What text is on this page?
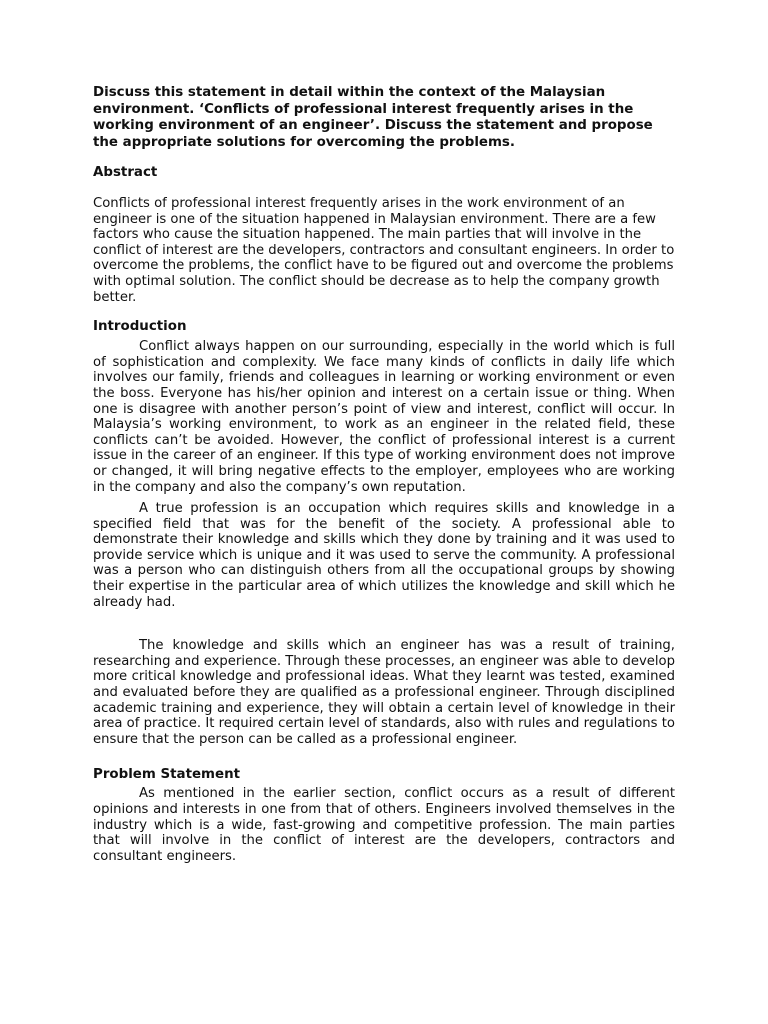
Discuss this statement in detail within the context of the Malaysian environment. ‘Conflicts of professional interest frequently arises in the working environment of an engineer’. Discuss the statement and propose the appropriate solutions for overcoming the problems.

Abstract

Conflicts of professional interest frequently arises in the work environment of an engineer is one of the situation happened in Malaysian environment. There are a few factors who cause the situation happened. The main parties that will involve in the conflict of interest are the developers, contractors and consultant engineers. In order to overcome the problems, the conflict have to be figured out and overcome the problems with optimal solution. The conflict should be decrease as to help the company growth better.

Introduction

Conflict always happen on our surrounding, especially in the world which is full of sophistication and complexity. We face many kinds of conflicts in daily life which involves our family, friends and colleagues in learning or working environment or even the boss. Everyone has his/her opinion and interest on a certain issue or thing. When one is disagree with another person’s point of view and interest, conflict will occur. In Malaysia’s working environment, to work as an engineer in the related field, these conflicts can’t be avoided. However, the conflict of professional interest is a current issue in the career of an engineer. If this type of working environment does not improve or changed, it will bring negative effects to the employer, employees who are working in the company and also the company’s own reputation.

A true profession is an occupation which requires skills and knowledge in a specified field that was for the benefit of the society. A professional able to demonstrate their knowledge and skills which they done by training and it was used to provide service which is unique and it was used to serve the community. A professional was a person who can distinguish others from all the occupational groups by showing their expertise in the particular area of which utilizes the knowledge and skill which he already had.

The knowledge and skills which an engineer has was a result of training, researching and experience. Through these processes, an engineer was able to develop more critical knowledge and professional ideas. What they learnt was tested, examined and evaluated before they are qualified as a professional engineer. Through disciplined academic training and experience, they will obtain a certain level of knowledge in their area of practice. It required certain level of standards, also with rules and regulations to ensure that the person can be called as a professional engineer.

Problem Statement

As mentioned in the earlier section, conflict occurs as a result of different opinions and interests in one from that of others. Engineers involved themselves in the industry which is a wide, fast-growing and competitive profession. The main parties that will involve in the conflict of interest are the developers, contractors and consultant engineers.
